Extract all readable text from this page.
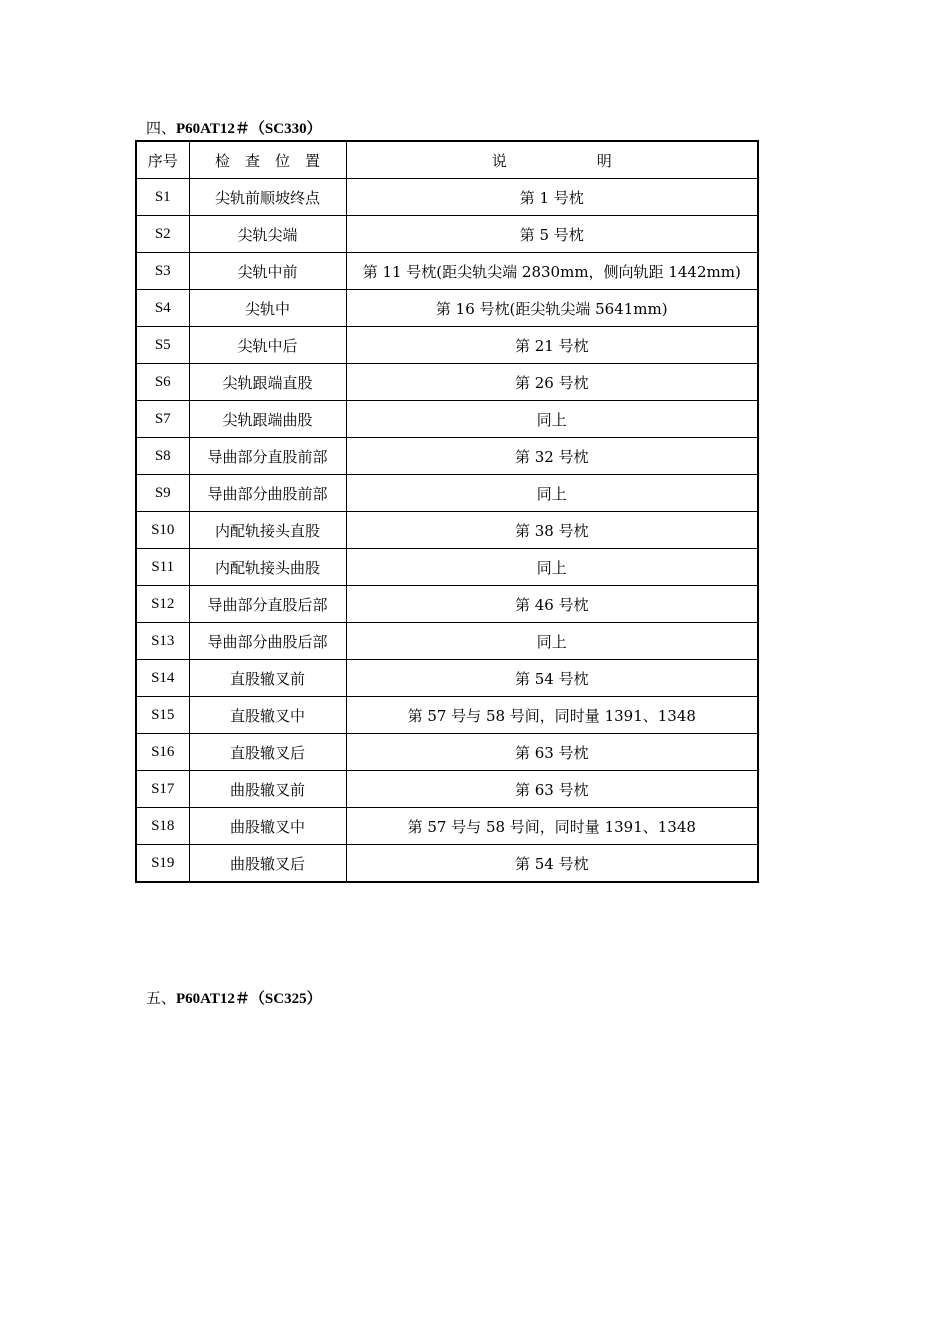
四、P60AT12＃（SC330）
序号	检　查　位　置	说　　　　　　明
S1	尖轨前顺坡终点	第 1 号枕
S2	尖轨尖端	第 5 号枕
S3	尖轨中前	第 11 号枕(距尖轨尖端 2830mm，侧向轨距 1442mm)
S4	尖轨中	第 16 号枕(距尖轨尖端 5641mm)
S5	尖轨中后	第 21 号枕
S6	尖轨跟端直股	第 26 号枕
S7	尖轨跟端曲股	同上
S8	导曲部分直股前部	第 32 号枕
S9	导曲部分曲股前部	同上
S10	内配轨接头直股	第 38 号枕
S11	内配轨接头曲股	同上
S12	导曲部分直股后部	第 46 号枕
S13	导曲部分曲股后部	同上
S14	直股辙叉前	第 54 号枕
S15	直股辙叉中	第 57 号与 58 号间，同时量 1391、1348
S16	直股辙叉后	第 63 号枕
S17	曲股辙叉前	第 63 号枕
S18	曲股辙叉中	第 57 号与 58 号间，同时量 1391、1348
S19	曲股辙叉后	第 54 号枕
五、P60AT12＃（SC325）
